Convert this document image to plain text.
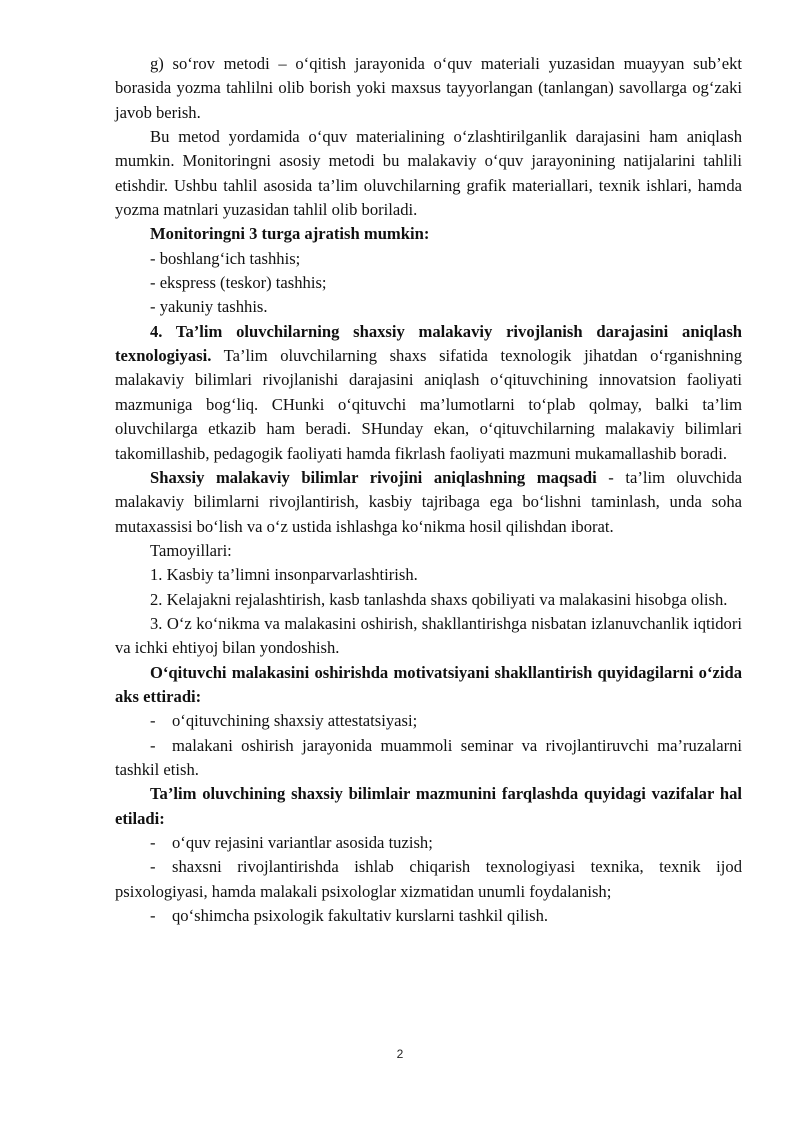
g) so‘rov metodi – o‘qitish jarayonida o‘quv materiali yuzasidan muayyan sub’ekt borasida yozma tahlilni olib borish yoki maxsus tayyorlangan (tanlangan) savollarga og‘zaki javob berish.

Bu metod yordamida o‘quv materialining o‘zlashtirilganlik darajasini ham aniqlash mumkin. Monitoringni asosiy metodi bu malakaviy o‘quv jarayonining natijalarini tahlili etishdir. Ushbu tahlil asosida ta’lim oluvchilarning grafik materiallari, texnik ishlari, hamda yozma matnlari yuzasidan tahlil olib boriladi.

Monitoringni 3 turga ajratish mumkin:

- boshlang‘ich tashhis;

- ekspress (teskor) tashhis;

- yakuniy tashhis.

4. Ta’lim oluvchilarning shaxsiy malakaviy rivojlanish darajasini aniqlash texnologiyasi. Ta’lim oluvchilarning shaxs sifatida texnologik jihatdan o‘rganishning malakaviy bilimlari rivojlanishi darajasini aniqlash o‘qituvchining innovatsion faoliyati mazmuniga bog‘liq. CHunki o‘qituvchi ma’lumotlarni to‘plab qolmay, balki ta’lim oluvchilarga etkazib ham beradi. SHunday ekan, o‘qituvchilarning malakaviy bilimlari takomillashib, pedagogik faoliyati hamda fikrlash faoliyati mazmuni mukamallashib boradi.

Shaxsiy malakaviy bilimlar rivojini aniqlashning maqsadi - ta’lim oluvchida malakaviy bilimlarni rivojlantirish, kasbiy tajribaga ega bo‘lishni taminlash, unda soha mutaxassisi bo‘lish va o‘z ustida ishlashga ko‘nikma hosil qilishdan iborat.

Tamoyillari:

1. Kasbiy ta’limni insonparvarlashtirish.

2. Kelajakni rejalashtirish, kasb tanlashda shaxs qobiliyati va malakasini hisobga olish.

3. O‘z ko‘nikma va malakasini oshirish, shakllantirishga nisbatan izlanuvchanlik iqtidori va ichki ehtiyoj bilan yondoshish.

O‘qituvchi malakasini oshirishda motivatsiyani shakllantirish quyidagilarni o‘zida aks ettiradi:

- o‘qituvchining shaxsiy attestatsiyasi;

- malakani oshirish jarayonida muammoli seminar va rivojlantiruvchi ma’ruzalarni tashkil etish.

Ta’lim oluvchining shaxsiy bilimlair mazmunini farqlashda quyidagi vazifalar hal etiladi:

- o‘quv rejasini variantlar asosida tuzish;

- shaxsni rivojlantirishda ishlab chiqarish texnologiyasi texnika, texnik ijod psixologiyasi, hamda malakali psixologlar xizmatidan unumli foydalanish;

- qo‘shimcha psixologik fakultativ kurslarni tashkil qilish.

2
